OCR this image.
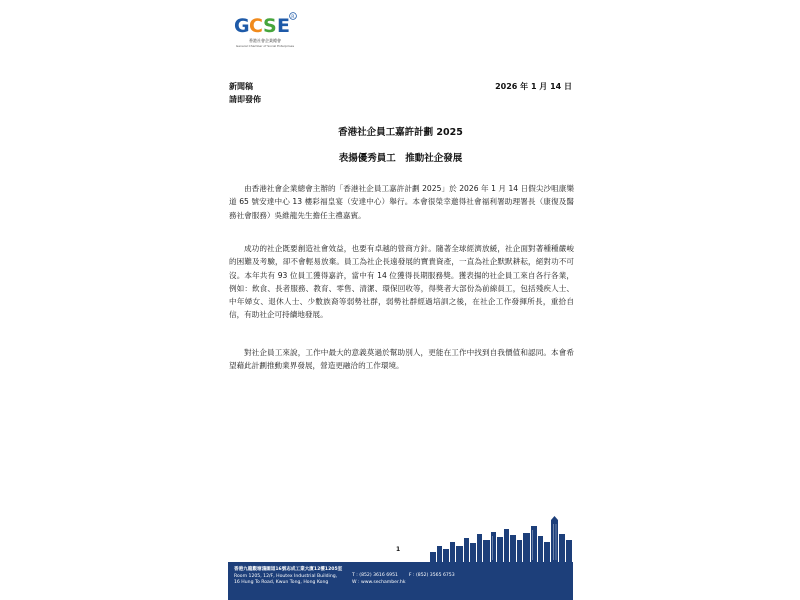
G C S E R
香港社會企業總會
General Chamber of Social Enterprises
新聞稿
請即發佈
2026 年 1 月 14 日
香港社企員工嘉許計劃 2025
表揚優秀員工　推動社企發展
由香港社會企業總會主辦的「香港社企員工嘉許計劃 2025」於 2026 年 1 月 14 日假尖沙咀康樂道 65 號安達中心 13 樓彩福皇宴（安達中心）舉行。本會很榮幸邀得社會福利署助理署長（康復及醫務社會服務）吳維龍先生擔任主禮嘉賓。
成功的社企既要創造社會效益，也要有卓越的營商方針。隨著全球經濟放緩，社企面對著種種嚴峻的困難及考驗，卻不會輕易放棄。員工為社企長遠發展的寶貴資產，一直為社企默默耕耘，絕對功不可沒。本年共有 93 位員工獲得嘉許，當中有 14 位獲得長期服務獎。獲表揚的社企員工來自各行各業，例如：飲食、長者服務、教育、零售、清潔、環保回收等，得獎者大部份為前線員工，包括殘疾人士、中年婦女、退休人士、少數族裔等弱勢社群，弱勢社群經過培訓之後，在社企工作發揮所長，重拾自信，有助社企可持續地發展。
對社企員工來說，工作中最大的意義莫過於幫助別人，更能在工作中找到自我價值和認同。本會希望藉此計劃推動業界發展，營造更融洽的工作環境。
1
香港九龍觀塘鴻圖道16號志成工業大廈12樓1205室
Room 1205, 12/F, Houtex Industrial Building,
16 Hung To Road, Kwun Tong, Hong Kong
T : (852) 3616 6951 F : (852) 3565 6753
W : www.sechamber.hk
